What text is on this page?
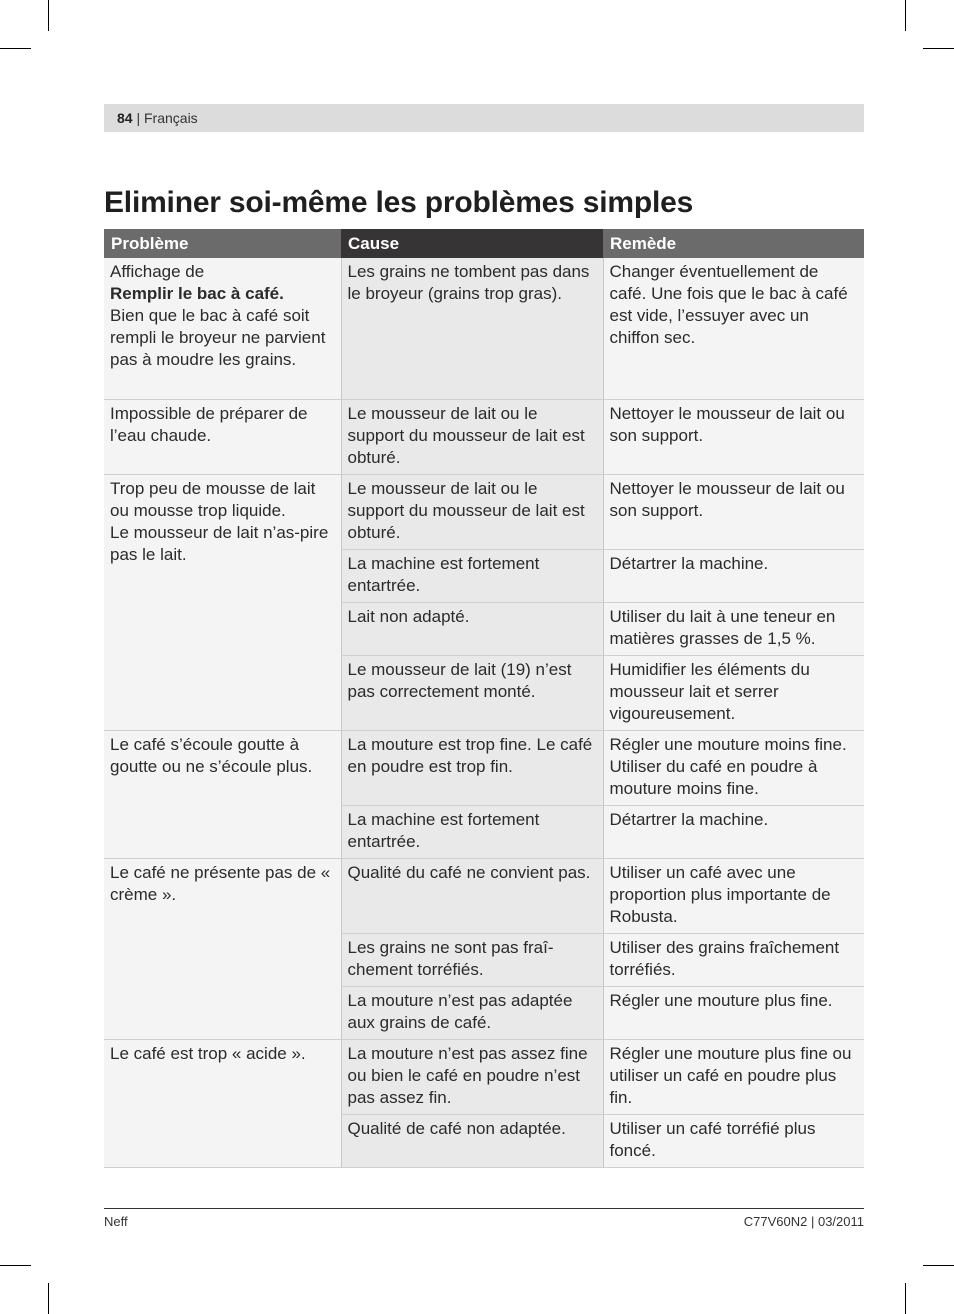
84 | Français
Eliminer soi-même les problèmes simples
Problème	Cause	Remède

Affichage de
Remplir le bac à café.
Bien que le bac à café soit rempli le broyeur ne parvient pas à moudre les grains.	Les grains ne tombent pas dans le broyeur (grains trop gras).	Changer éventuellement de café. Une fois que le bac à café est vide, l’essuyer avec un chiffon sec.

Impossible de préparer de l’eau chaude.	Le mousseur de lait ou le support du mousseur de lait est obturé.	Nettoyer le mousseur de lait ou son support.

Trop peu de mousse de lait ou mousse trop liquide.
Le mousseur de lait n’as-pire pas le lait.	Le mousseur de lait ou le support du mousseur de lait est obturé.	Nettoyer le mousseur de lait ou son support.
	La machine est fortement entartrée.	Détartrer la machine.
	Lait non adapté.	Utiliser du lait à une teneur en matières grasses de 1,5 %.
	Le mousseur de lait (19) n’est pas correctement monté.	Humidifier les éléments du mousseur lait et serrer vigoureusement.

Le café s’écoule goutte à goutte ou ne s’écoule plus.	La mouture est trop fine. Le café en poudre est trop fin.	Régler une mouture moins fine. Utiliser du café en poudre à mouture moins fine.
	La machine est fortement entartrée.	Détartrer la machine.

Le café ne présente pas de « crème ».	Qualité du café ne convient pas.	Utiliser un café avec une proportion plus importante de Robusta.
	Les grains ne sont pas fraî-chement torréfiés.	Utiliser des grains fraîchement torréfiés.
	La mouture n’est pas adaptée aux grains de café.	Régler une mouture plus fine.

Le café est trop « acide ».	La mouture n’est pas assez fine ou bien le café en poudre n’est pas assez fin.	Régler une mouture plus fine ou utiliser un café en poudre plus fin.
	Qualité de café non adaptée.	Utiliser un café torréfié plus foncé.
Neff	C77V60N2 | 03/2011
